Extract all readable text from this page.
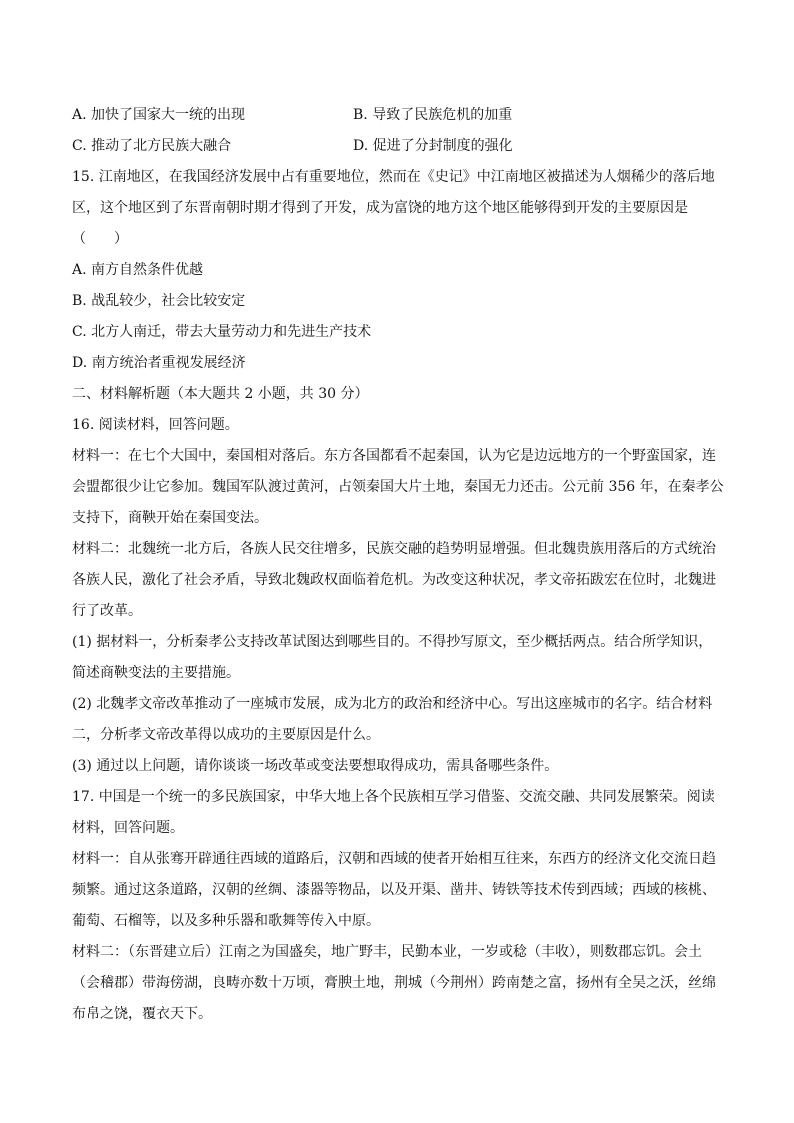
A. 加快了国家大一统的出现	B. 导致了民族危机的加重
C. 推动了北方民族大融合	D. 促进了分封制度的强化
15. 江南地区，在我国经济发展中占有重要地位，然而在《史记》中江南地区被描述为人烟稀少的落后地
区，这个地区到了东晋南朝时期才得到了开发，成为富饶的地方这个地区能够得到开发的主要原因是
（　　）
A. 南方自然条件优越
B. 战乱较少，社会比较安定
C. 北方人南迁，带去大量劳动力和先进生产技术
D. 南方统治者重视发展经济
二、材料解析题（本大题共 2 小题，共 30 分）
16. 阅读材料，回答问题。
材料一：在七个大国中，秦国相对落后。东方各国都看不起秦国，认为它是边远地方的一个野蛮国家，连
会盟都很少让它参加。魏国军队渡过黄河，占领秦国大片土地，秦国无力还击。公元前 356 年，在秦孝公
支持下，商鞅开始在秦国变法。
材料二：北魏统一北方后，各族人民交往增多，民族交融的趋势明显增强。但北魏贵族用落后的方式统治
各族人民，激化了社会矛盾，导致北魏政权面临着危机。为改变这种状况，孝文帝拓跋宏在位时，北魏进
行了改革。
(1) 据材料一，分析秦孝公支持改革试图达到哪些目的。不得抄写原文，至少概括两点。结合所学知识，
简述商鞅变法的主要措施。
(2) 北魏孝文帝改革推动了一座城市发展，成为北方的政治和经济中心。写出这座城市的名字。结合材料
二，分析孝文帝改革得以成功的主要原因是什么。
(3) 通过以上问题，请你谈谈一场改革或变法要想取得成功，需具备哪些条件。
17. 中国是一个统一的多民族国家，中华大地上各个民族相互学习借鉴、交流交融、共同发展繁荣。阅读
材料，回答问题。
材料一：自从张骞开辟通往西域的道路后，汉朝和西域的使者开始相互往来，东西方的经济文化交流日趋
频繁。通过这条道路，汉朝的丝绸、漆器等物品，以及开渠、凿井、铸铁等技术传到西域；西域的核桃、
葡萄、石榴等，以及多种乐器和歌舞等传入中原。
材料二：（东晋建立后）江南之为国盛矣，地广野丰，民勤本业，一岁或稔（丰收），则数郡忘饥。会土
（会稽郡）带海傍湖，良畴亦数十万顷，膏腴土地，荆城（今荆州）跨南楚之富，扬州有全吴之沃，丝绵
布帛之饶，覆衣天下。
